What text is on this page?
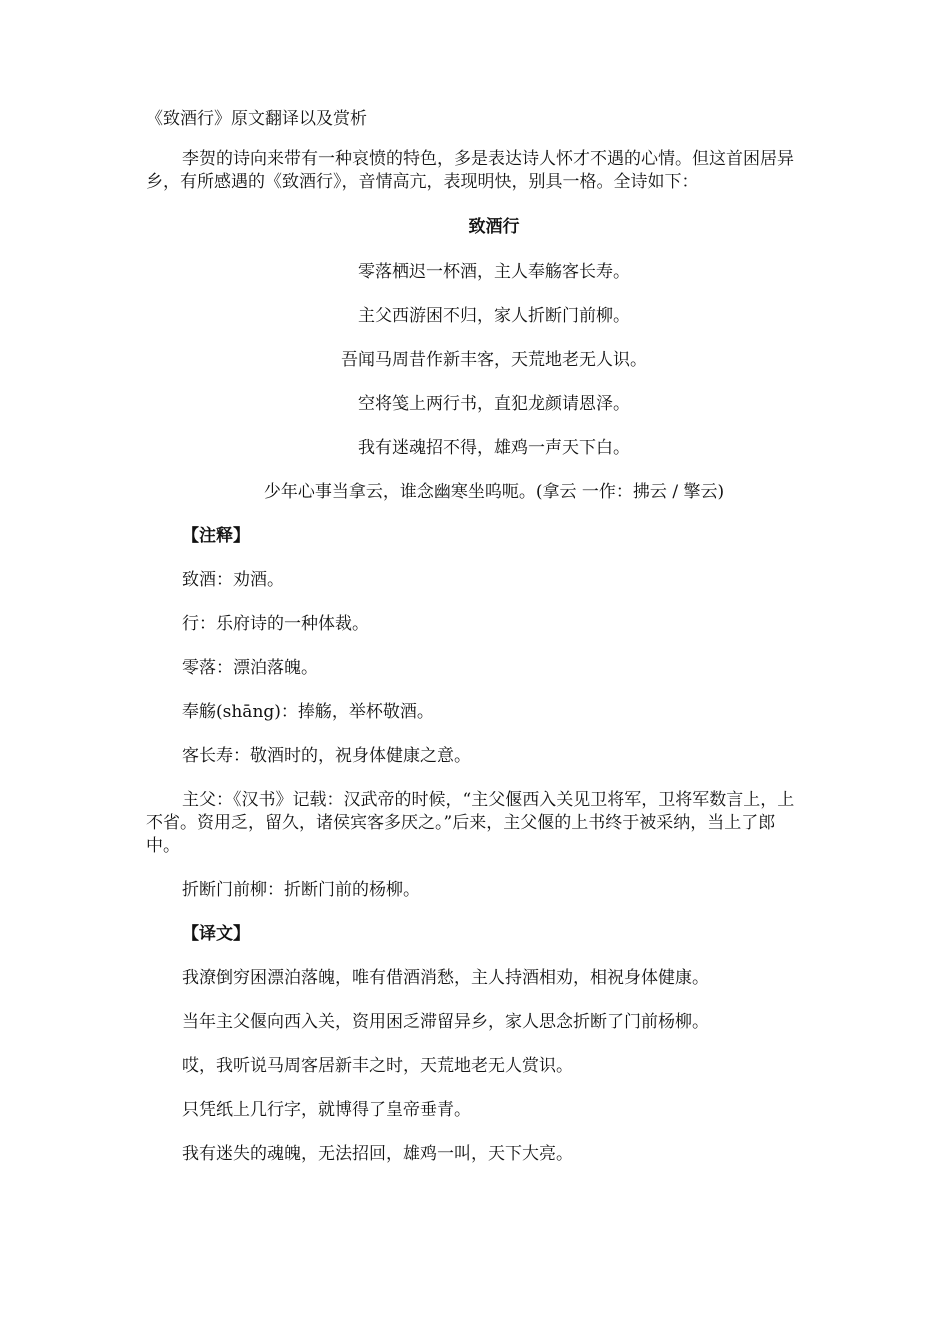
《致酒行》原文翻译以及赏析

李贺的诗向来带有一种哀愤的特色，多是表达诗人怀才不遇的心情。但这首困居异乡，有所感遇的《致酒行》，音情高亢，表现明快，别具一格。全诗如下：

致酒行

零落栖迟一杯酒，主人奉觞客长寿。

主父西游困不归，家人折断门前柳。

吾闻马周昔作新丰客，天荒地老无人识。

空将笺上两行书，直犯龙颜请恩泽。

我有迷魂招不得，雄鸡一声天下白。

少年心事当拿云，谁念幽寒坐呜呃。(拿云 一作：拂云 / 擎云)

【注释】

致酒：劝酒。

行：乐府诗的一种体裁。

零落：漂泊落魄。

奉觞(shāng)：捧觞，举杯敬酒。

客长寿：敬酒时的，祝身体健康之意。

主父：《汉书》记载：汉武帝的时候，“主父偃西入关见卫将军，卫将军数言上，上不省。资用乏，留久，诸侯宾客多厌之。”后来，主父偃的上书终于被采纳，当上了郎中。

折断门前柳：折断门前的杨柳。

【译文】

我潦倒穷困漂泊落魄，唯有借酒消愁，主人持酒相劝，相祝身体健康。

当年主父偃向西入关，资用困乏滞留异乡，家人思念折断了门前杨柳。

哎，我听说马周客居新丰之时，天荒地老无人赏识。

只凭纸上几行字，就博得了皇帝垂青。

我有迷失的魂魄，无法招回，雄鸡一叫，天下大亮。
